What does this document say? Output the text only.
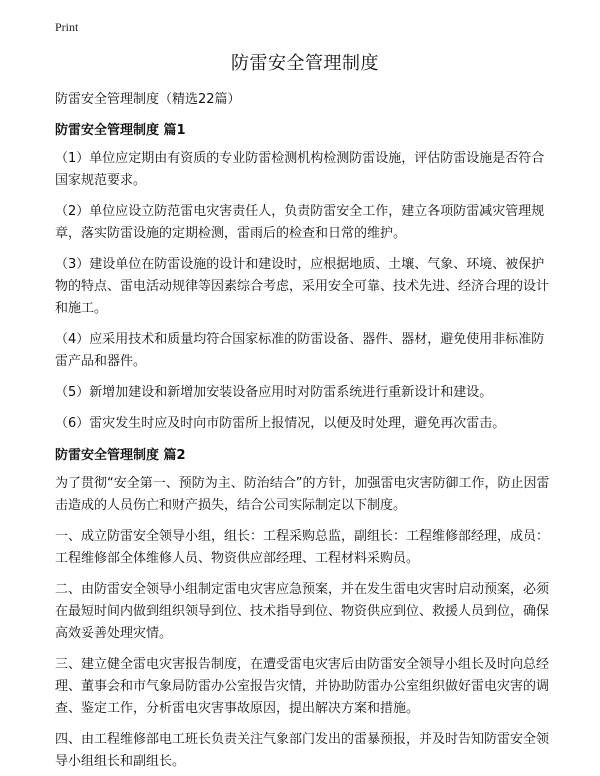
Print
防雷安全管理制度

防雷安全管理制度（精选22篇）

防雷安全管理制度 篇1

（1）单位应定期由有资质的专业防雷检测机构检测防雷设施，评估防雷设施是否符合国家规范要求。

（2）单位应设立防范雷电灾害责任人，负责防雷安全工作，建立各项防雷减灾管理规章，落实防雷设施的定期检测，雷雨后的检查和日常的维护。

（3）建设单位在防雷设施的设计和建设时，应根据地质、土壤、气象、环境、被保护物的特点、雷电活动规律等因素综合考虑，采用安全可靠、技术先进、经济合理的设计和施工。

（4）应采用技术和质量均符合国家标准的防雷设备、器件、器材，避免使用非标准防雷产品和器件。

（5）新增加建设和新增加安装设备应用时对防雷系统进行重新设计和建设。

（6）雷灾发生时应及时向市防雷所上报情况，以便及时处理，避免再次雷击。

防雷安全管理制度 篇2

为了贯彻“安全第一、预防为主、防治结合”的方针，加强雷电灾害防御工作，防止因雷击造成的人员伤亡和财产损失，结合公司实际制定以下制度。

一、成立防雷安全领导小组，组长：工程采购总监，副组长：工程维修部经理，成员：工程维修部全体维修人员、物资供应部经理、工程材料采购员。

二、由防雷安全领导小组制定雷电灾害应急预案，并在发生雷电灾害时启动预案，必须在最短时间内做到组织领导到位、技术指导到位、物资供应到位、救援人员到位，确保高效妥善处理灾情。

三、建立健全雷电灾害报告制度，在遭受雷电灾害后由防雷安全领导小组长及时向总经理、董事会和市气象局防雷办公室报告灾情，并协助防雷办公室组织做好雷电灾害的调查、鉴定工作，分析雷电灾害事故原因，提出解决方案和措施。

四、由工程维修部电工班长负责关注气象部门发出的雷暴预报，并及时告知防雷安全领导小组组长和副组长。
